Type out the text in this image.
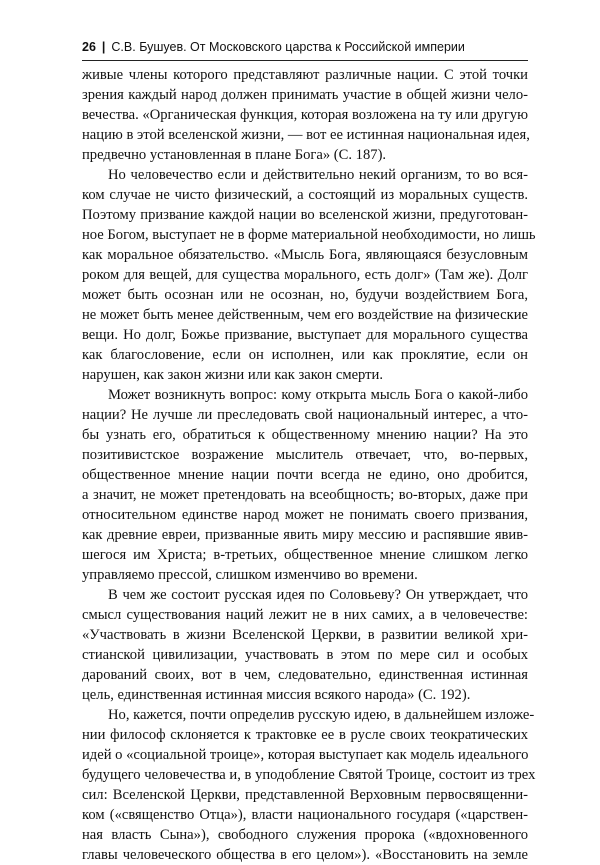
26 | С.В. Бушуев. От Московского царства к Российской империи
живые члены которого представляют различные нации. С этой точки
зрения каждый народ должен принимать участие в общей жизни чело-
вечества. «Органическая функция, которая возложена на ту или другую
нацию в этой вселенской жизни, — вот ее истинная национальная идея,
предвечно установленная в плане Бога» (С. 187).
Но человечество если и действительно некий организм, то во вся-
ком случае не чисто физический, а состоящий из моральных существ.
Поэтому призвание каждой нации во вселенской жизни, предуготован-
ное Богом, выступает не в форме материальной необходимости, но лишь
как моральное обязательство. «Мысль Бога, являющаяся безусловным
роком для вещей, для существа морального, есть долг» (Там же). Долг
может быть осознан или не осознан, но, будучи воздействием Бога,
не может быть менее действенным, чем его воздействие на физические
вещи. Но долг, Божье призвание, выступает для морального существа
как благословение, если он исполнен, или как проклятие, если он
нарушен, как закон жизни или как закон смерти.
Может возникнуть вопрос: кому открыта мысль Бога о какой-либо
нации? Не лучше ли преследовать свой национальный интерес, а что-
бы узнать его, обратиться к общественному мнению нации? На это
позитивистское возражение мыслитель отвечает, что, во-первых,
общественное мнение нации почти всегда не едино, оно дробится,
а значит, не может претендовать на всеобщность; во-вторых, даже при
относительном единстве народ может не понимать своего призвания,
как древние евреи, призванные явить миру мессию и распявшие явив-
шегося им Христа; в-третьих, общественное мнение слишком легко
управляемо прессой, слишком изменчиво во времени.
В чем же состоит русская идея по Соловьеву? Он утверждает, что
смысл существования наций лежит не в них самих, а в человечестве:
«Участвовать в жизни Вселенской Церкви, в развитии великой хри-
стианской цивилизации, участвовать в этом по мере сил и особых
дарований своих, вот в чем, следовательно, единственная истинная
цель, единственная истинная миссия всякого народа» (С. 192).
Но, кажется, почти определив русскую идею, в дальнейшем изложе-
нии философ склоняется к трактовке ее в русле своих теократических
идей о «социальной троице», которая выступает как модель идеального
будущего человечества и, в уподобление Святой Троице, состоит из трех
сил: Вселенской Церкви, представленной Верховным первосвященни-
ком («священство Отца»), власти национального государя («царствен-
ная власть Сына»), свободного служения пророка («вдохновенного
главы человеческого общества в его целом»). «Восстановить на земле
